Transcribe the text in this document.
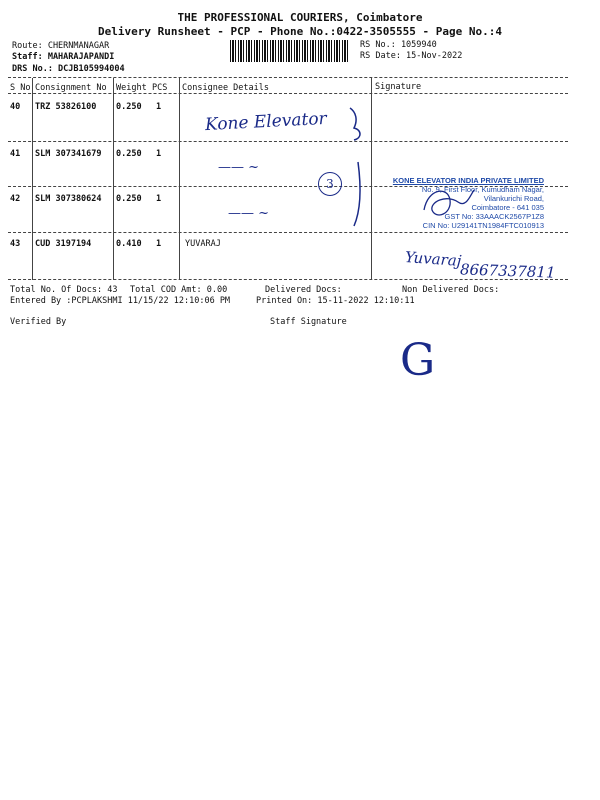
THE PROFESSIONAL COURIERS, Coimbatore
Delivery Runsheet - PCP - Phone No.:0422-3505555 - Page No.:4
Route: CHERNMANAGAR
Staff: MAHARAJAPANDI
DRS No.: DCJB105994004
RS No.: 1059940
RS Date: 15-Nov-2022
S No Consignment No Weight PCS Consignee Details	Signature
40 TRZ 53826100 0.250 1
41 SLM 307341679 0.250 1
42 SLM 307380624 0.250 1
43 CUD 3197194	0.410 1	YUVARAJ
Kone Elevator
—— ~
—— ~
3	KONE ELEVATOR INDIA PRIVATE LIMITED
No. 9, First Floor, Kumudham Nagar,
Vilankurichi Road,
Coimbatore - 641 035
GST No: 33AAACK2567P1Z8
CIN No: U29141TN1984FTC010913
Yuvaraj
8667337811
Total No. Of Docs: 43 Total COD Amt: 0.00	Delivered Docs:	Non Delivered Docs:
Entered By :PCPLAKSHMI 11/15/22 12:10:06 PM	Printed On: 15-11-2022 12:10:11
Verified By	Staff Signature
G
